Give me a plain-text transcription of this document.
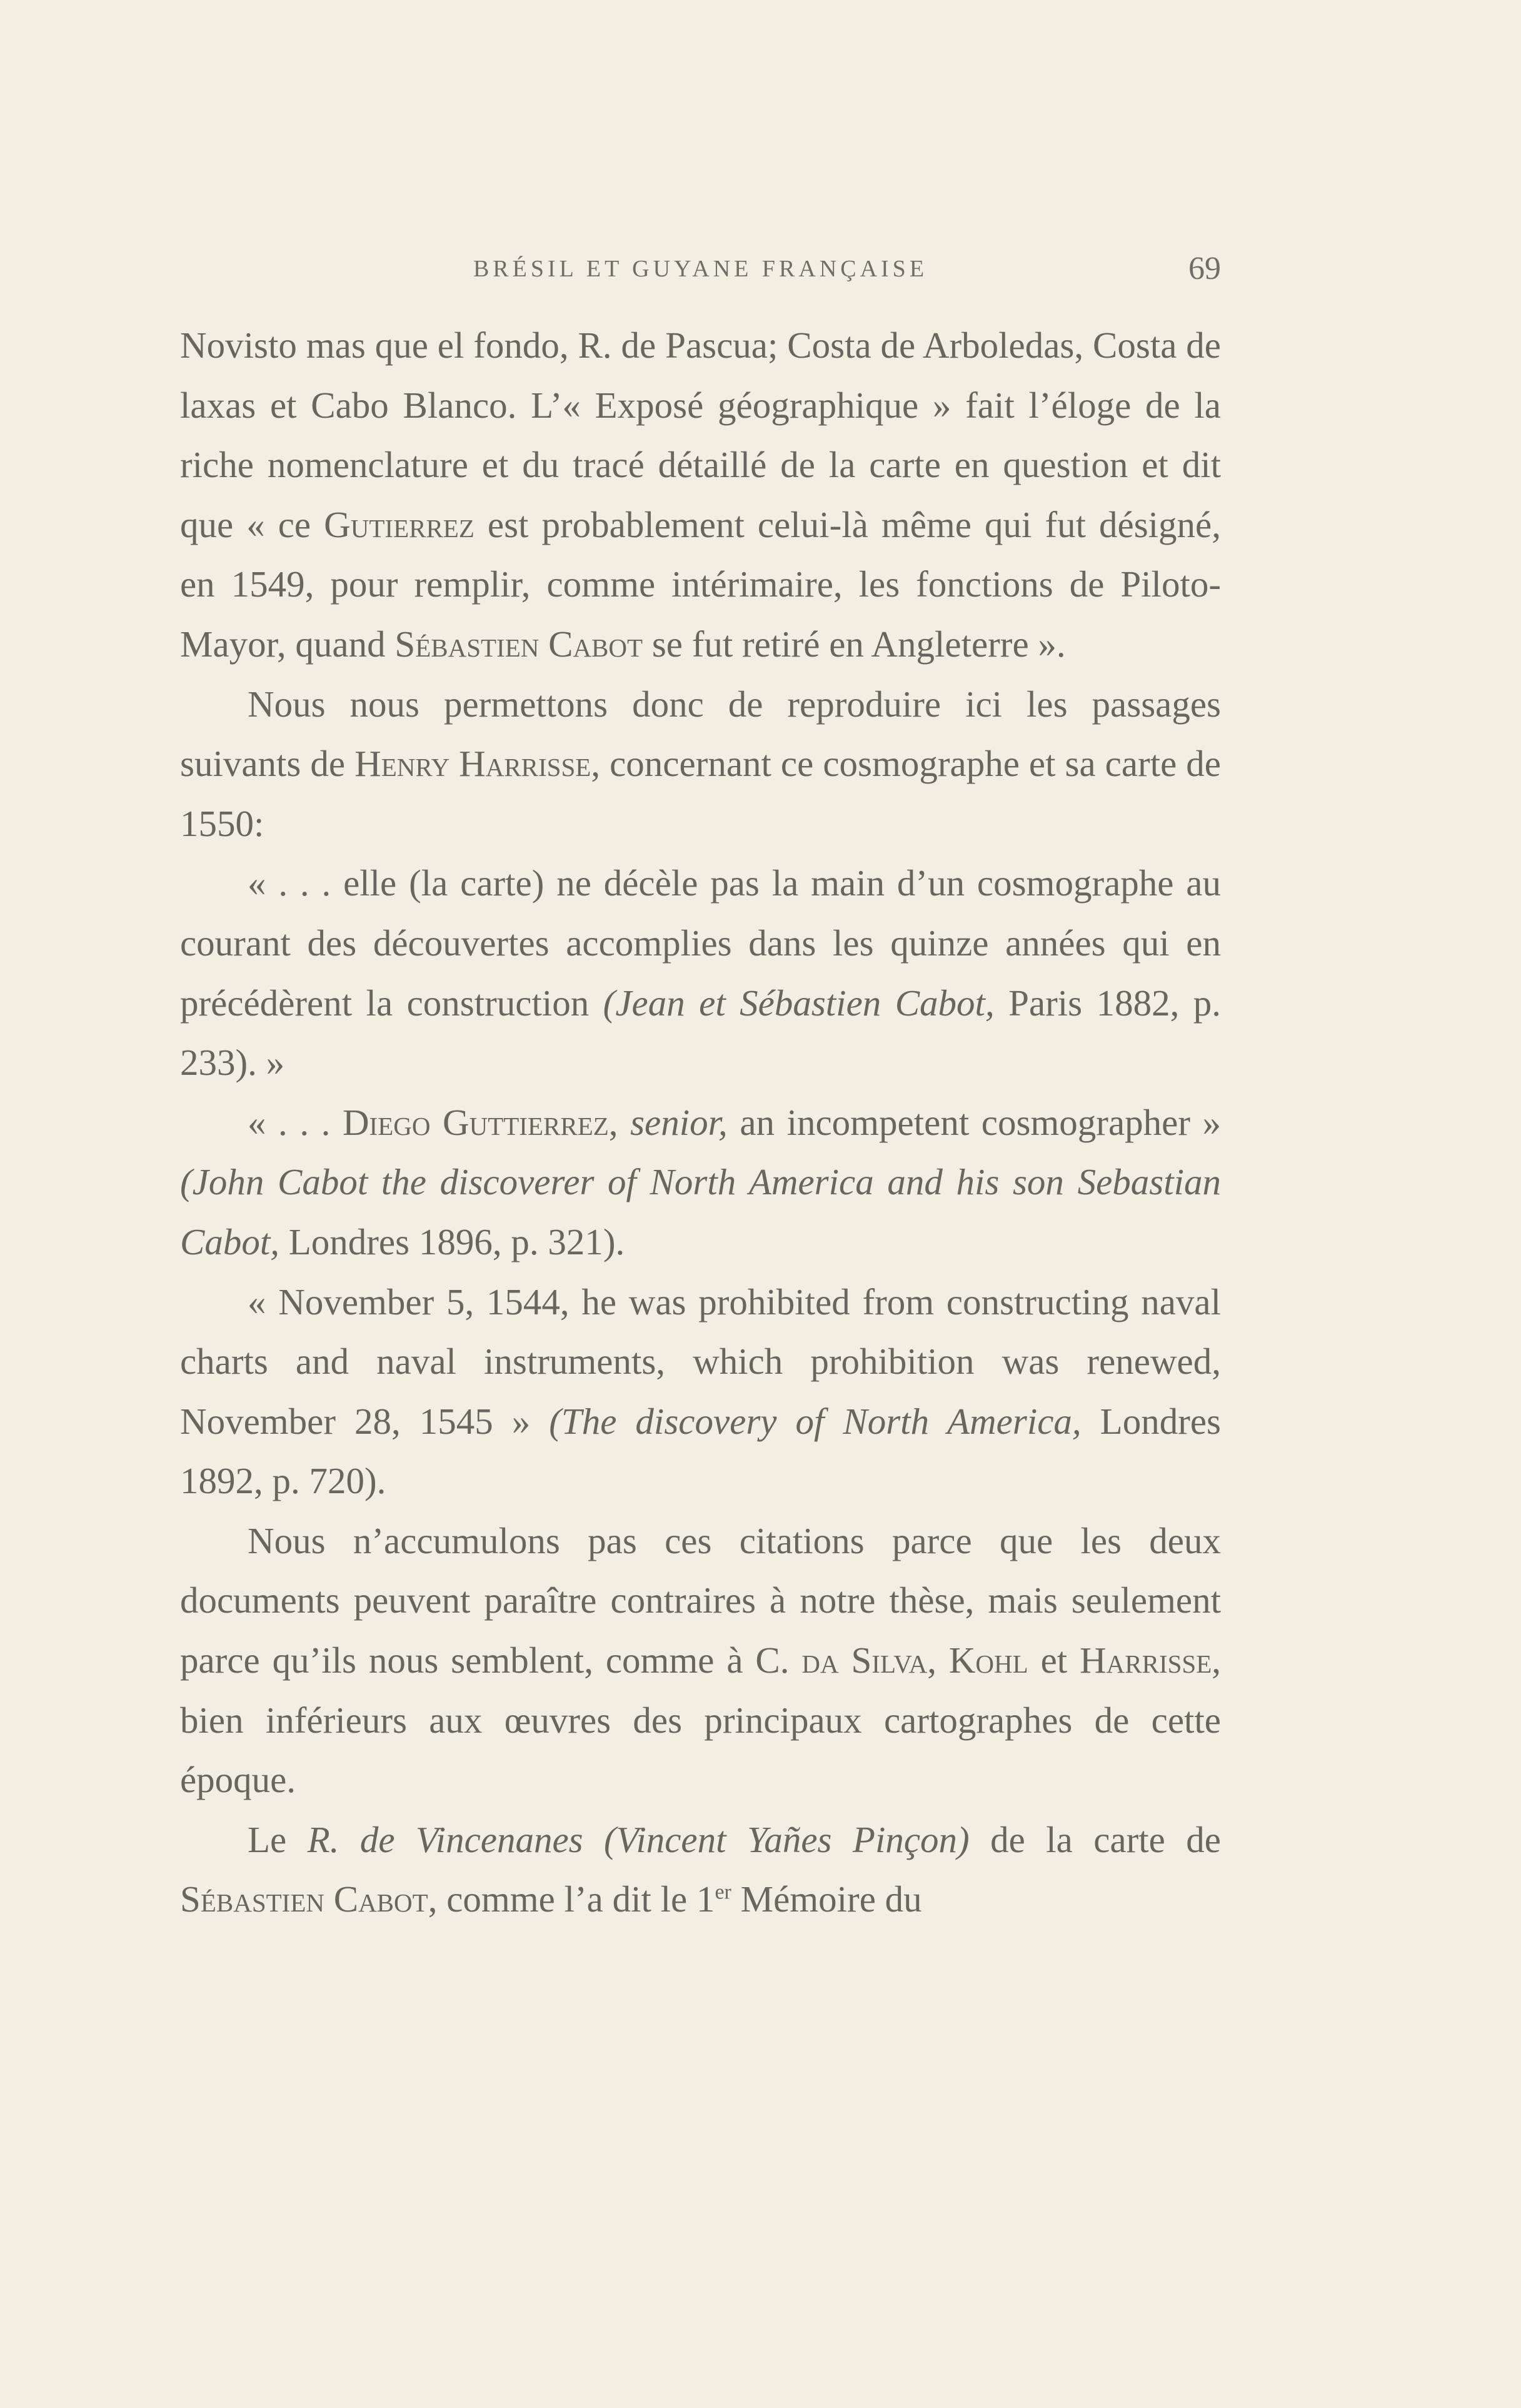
BRÉSIL ET GUYANE FRANÇAISE	69

Novisto mas que el fondo, R. de Pascua; Costa de Arboledas, Costa de laxas et Cabo Blanco. L’« Exposé géographique » fait l’éloge de la riche nomenclature et du tracé détaillé de la carte en question et dit que « ce Gutierrez est probablement celui-là même qui fut désigné, en 1549, pour remplir, comme intérimaire, les fonctions de Piloto-Mayor, quand Sébastien Cabot se fut retiré en Angleterre ».

Nous nous permettons donc de reproduire ici les passages suivants de Henry Harrisse, concernant ce cosmographe et sa carte de 1550:

« . . . elle (la carte) ne décèle pas la main d’un cosmographe au courant des découvertes accomplies dans les quinze années qui en précédèrent la construction (Jean et Sébastien Cabot, Paris 1882, p. 233). »

« . . . Diego Guttierrez, senior, an incompetent cosmographer » (John Cabot the discoverer of North America and his son Sebastian Cabot, Londres 1896, p. 321).

« November 5, 1544, he was prohibited from constructing naval charts and naval instruments, which prohibition was renewed, November 28, 1545 » (The discovery of North America, Londres 1892, p. 720).

Nous n’accumulons pas ces citations parce que les deux documents peuvent paraître contraires à notre thèse, mais seulement parce qu’ils nous semblent, comme à C. da Silva, Kohl et Harrisse, bien inférieurs aux œuvres des principaux cartographes de cette époque.

Le R. de Vincenanes (Vincent Yañes Pinçon) de la carte de Sébastien Cabot, comme l’a dit le 1er Mémoire du
